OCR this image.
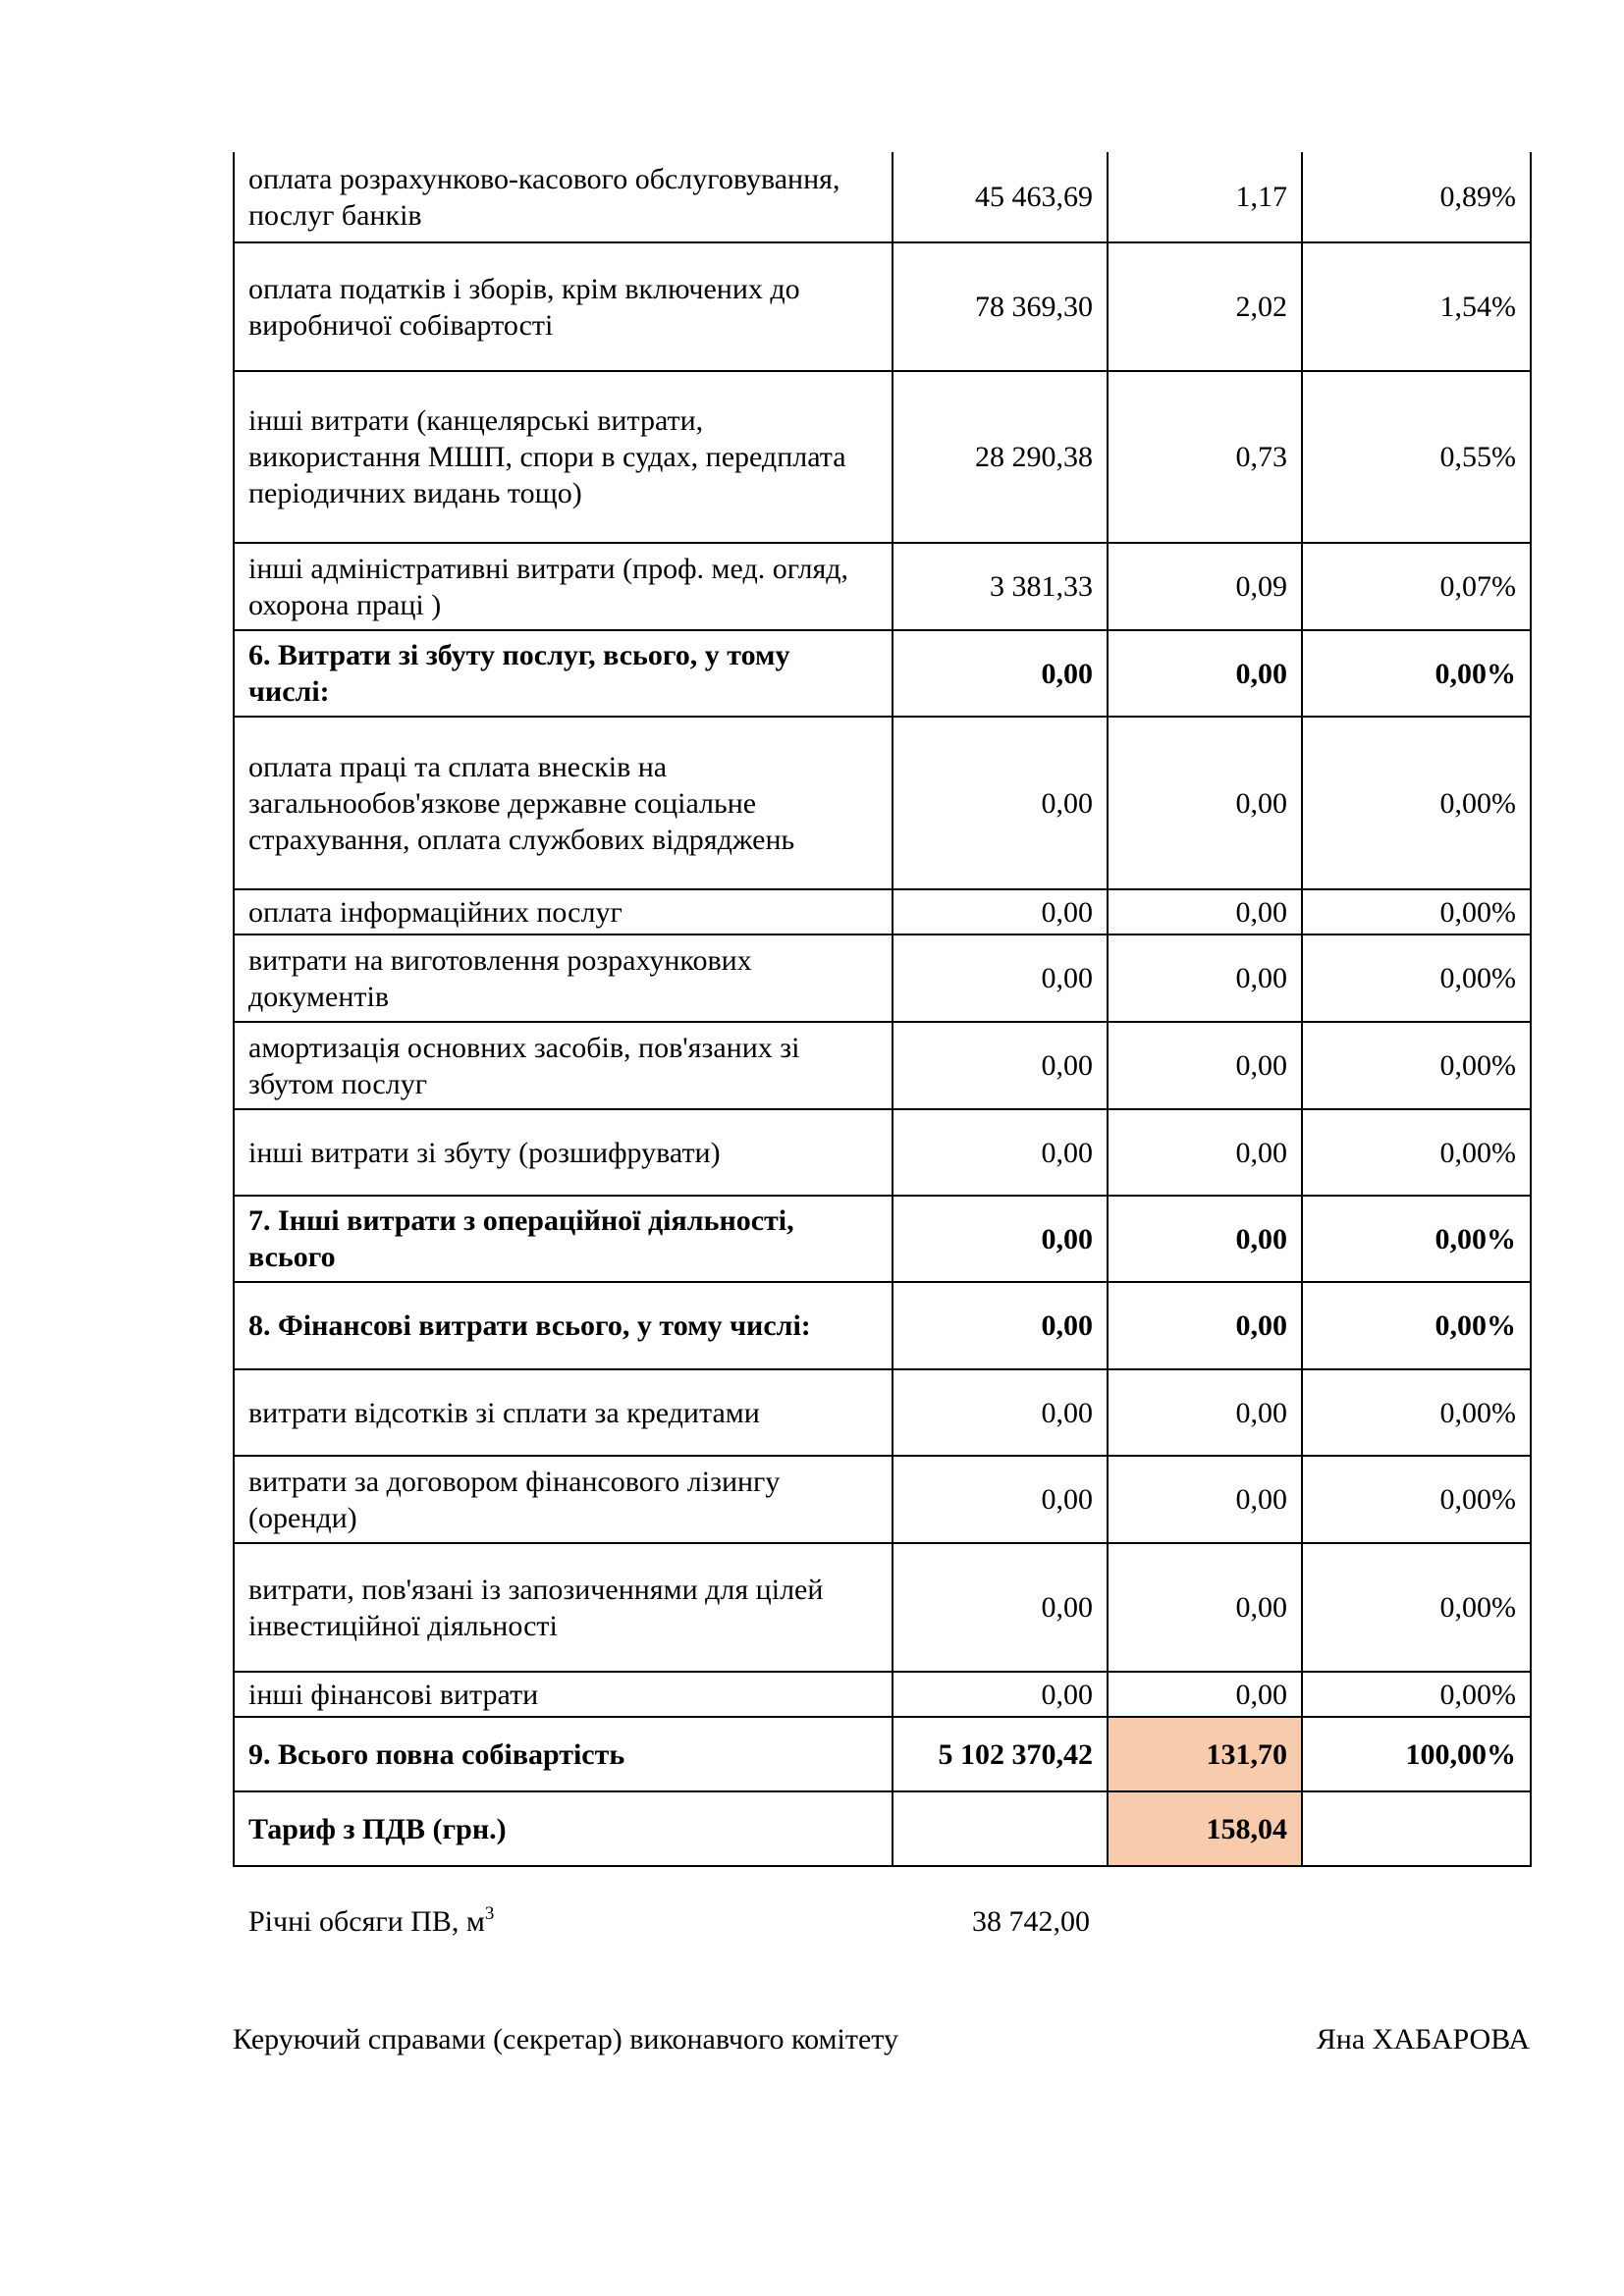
оплата розрахунково-касового обслуговування, послуг банків	45 463,69	1,17	0,89%
оплата податків і зборів, крім включених до виробничої собівартості	78 369,30	2,02	1,54%
інші витрати (канцелярські витрати, використання МШП, спори в судах, передплата періодичних видань тощо)	28 290,38	0,73	0,55%
інші адміністративні витрати (проф. мед. огляд, охорона праці )	3 381,33	0,09	0,07%
6. Витрати зі збуту послуг, всього, у тому числі:	0,00	0,00	0,00%
оплата праці та сплата внесків на загальнообов'язкове державне соціальне страхування, оплата службових відряджень	0,00	0,00	0,00%
оплата інформаційних послуг	0,00	0,00	0,00%
витрати на виготовлення розрахункових документів	0,00	0,00	0,00%
амортизація основних засобів, пов'язаних зі збутом послуг	0,00	0,00	0,00%
інші витрати зі збуту (розшифрувати)	0,00	0,00	0,00%
7. Інші витрати з операційної діяльності, всього	0,00	0,00	0,00%
8. Фінансові витрати всього, у тому числі:	0,00	0,00	0,00%
витрати відсотків зі сплати за кредитами	0,00	0,00	0,00%
витрати за договором фінансового лізингу (оренди)	0,00	0,00	0,00%
витрати, пов'язані із запозиченнями для цілей інвестиційної діяльності	0,00	0,00	0,00%
інші фінансові витрати	0,00	0,00	0,00%
9. Всього повна собівартість	5 102 370,42	131,70	100,00%
Тариф з ПДВ (грн.)		158,04	
Річні обсяги ПВ, $м^3$	38 742,00
Керуючий справами (секретар) виконавчого комітету	Яна ХАБАРОВА
